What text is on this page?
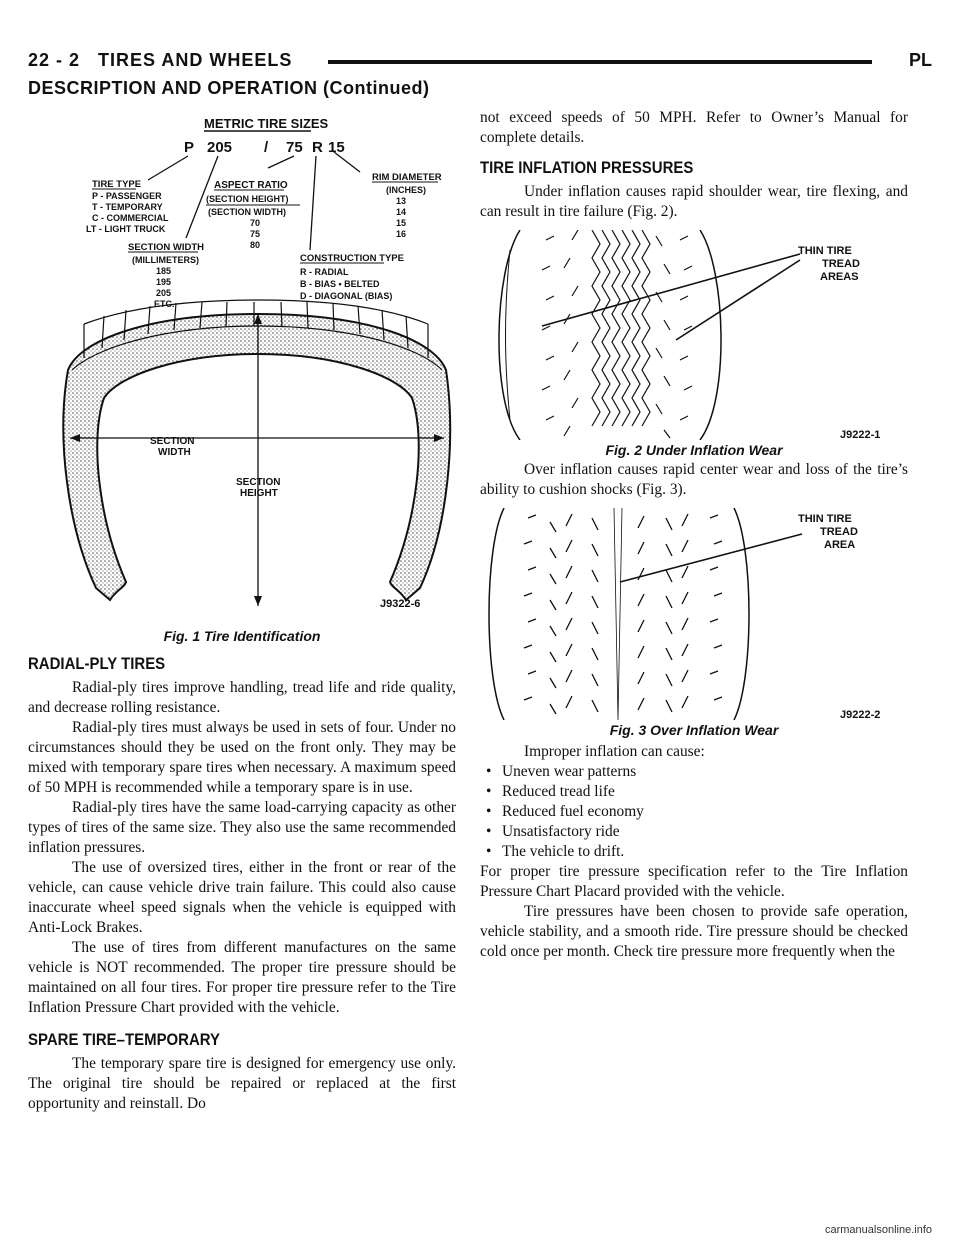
22 - 2 TIRES AND WHEELS	PL
DESCRIPTION AND OPERATION (Continued)
METRIC TIRE SIZES
P 205 / 75 R 15
TIRE TYPE
P - PASSENGER
T - TEMPORARY
C - COMMERCIAL
LT - LIGHT TRUCK
ASPECT RATIO
(SECTION HEIGHT)
(SECTION WIDTH)
70
75
80
RIM DIAMETER
(INCHES)
13
14
15
16
SECTION WIDTH
(MILLIMETERS)
185
195
205
ETC.
CONSTRUCTION TYPE
R - RADIAL
B - BIAS • BELTED
D - DIAGONAL (BIAS)
SECTION
WIDTH
SECTION
HEIGHT
J9322-6
Fig. 1 Tire Identification
RADIAL-PLY TIRES

Radial-ply tires improve handling, tread life and ride quality, and decrease rolling resistance.

Radial-ply tires must always be used in sets of four. Under no circumstances should they be used on the front only. They may be mixed with temporary spare tires when necessary. A maximum speed of 50 MPH is recommended while a temporary spare is in use.

Radial-ply tires have the same load-carrying capacity as other types of tires of the same size. They also use the same recommended inflation pressures.

The use of oversized tires, either in the front or rear of the vehicle, can cause vehicle drive train failure. This could also cause inaccurate wheel speed signals when the vehicle is equipped with Anti-Lock Brakes.

The use of tires from different manufactures on the same vehicle is NOT recommended. The proper tire pressure should be maintained on all four tires. For proper tire pressure refer to the Tire Inflation Pressure Chart provided with the vehicle.

SPARE TIRE–TEMPORARY

The temporary spare tire is designed for emergency use only. The original tire should be repaired or replaced at the first opportunity and reinstall. Do

not exceed speeds of 50 MPH. Refer to Owner’s Manual for complete details.

TIRE INFLATION PRESSURES

Under inflation causes rapid shoulder wear, tire flexing, and can result in tire failure (Fig. 2).

THIN TIRE
TREAD
AREAS
J9222-1
Fig. 2 Under Inflation Wear

Over inflation causes rapid center wear and loss of the tire’s ability to cushion shocks (Fig. 3).

THIN TIRE
TREAD
AREA
J9222-2
Fig. 3 Over Inflation Wear

Improper inflation can cause:

• Uneven wear patterns
• Reduced tread life
• Reduced fuel economy
• Unsatisfactory ride
• The vehicle to drift.

For proper tire pressure specification refer to the Tire Inflation Pressure Chart Placard provided with the vehicle.

Tire pressures have been chosen to provide safe operation, vehicle stability, and a smooth ride. Tire pressure should be checked cold once per month. Check tire pressure more frequently when the

carmanualsonline.info
